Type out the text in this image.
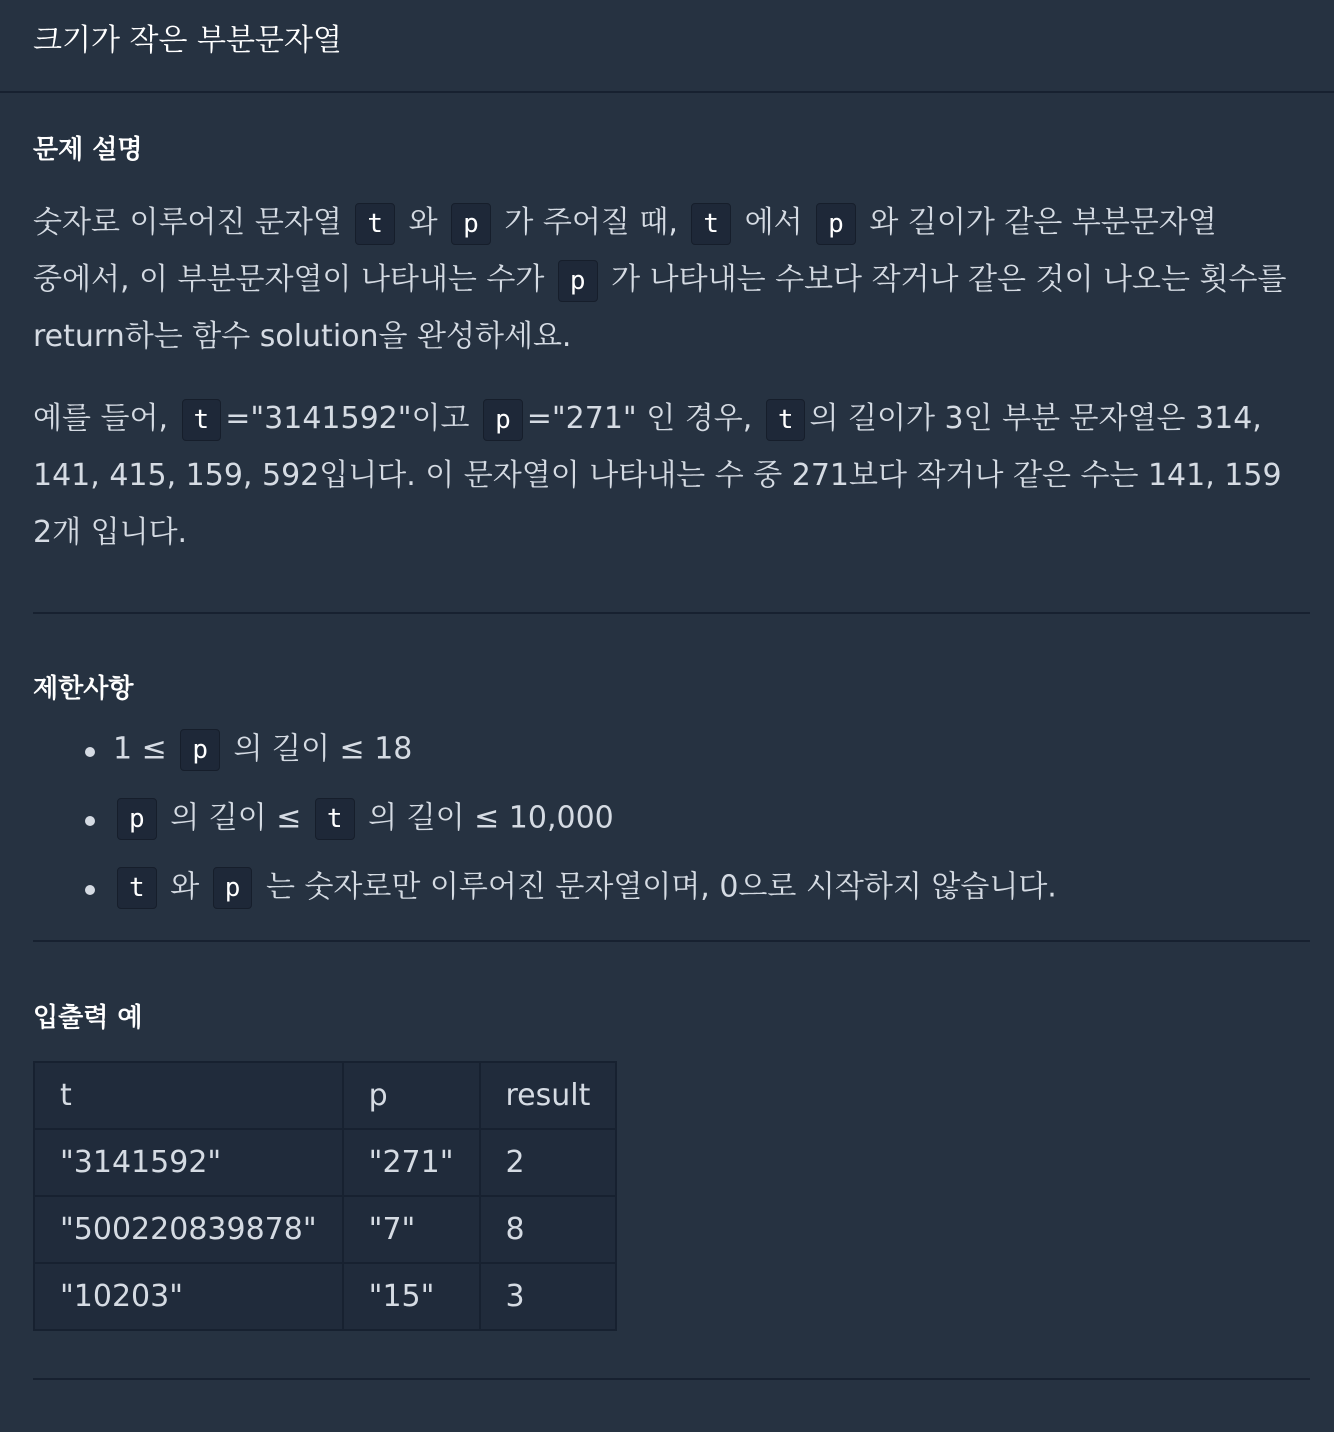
크기가 작은 부분문자열
문제 설명

숫자로 이루어진 문자열 t 와 p 가 주어질 때, t 에서 p 와 길이가 같은 부분문자열 중에서, 이 부분문자열이 나타내는 수가 p 가 나타내는 수보다 작거나 같은 것이 나오는 횟수를 return하는 함수 solution을 완성하세요.

예를 들어, t ="3141592"이고 p ="271" 인 경우, t 의 길이가 3인 부분 문자열은 314, 141, 415, 159, 592입니다. 이 문자열이 나타내는 수 중 271보다 작거나 같은 수는 141, 159 2개 입니다.

제한사항
1 ≤ p 의 길이 ≤ 18
p 의 길이 ≤ t 의 길이 ≤ 10,000
t 와 p 는 숫자로만 이루어진 문자열이며, 0으로 시작하지 않습니다.
입출력 예
t	p	result
"3141592"	"271"	2
"500220839878"	"7"	8
"10203"	"15"	3
